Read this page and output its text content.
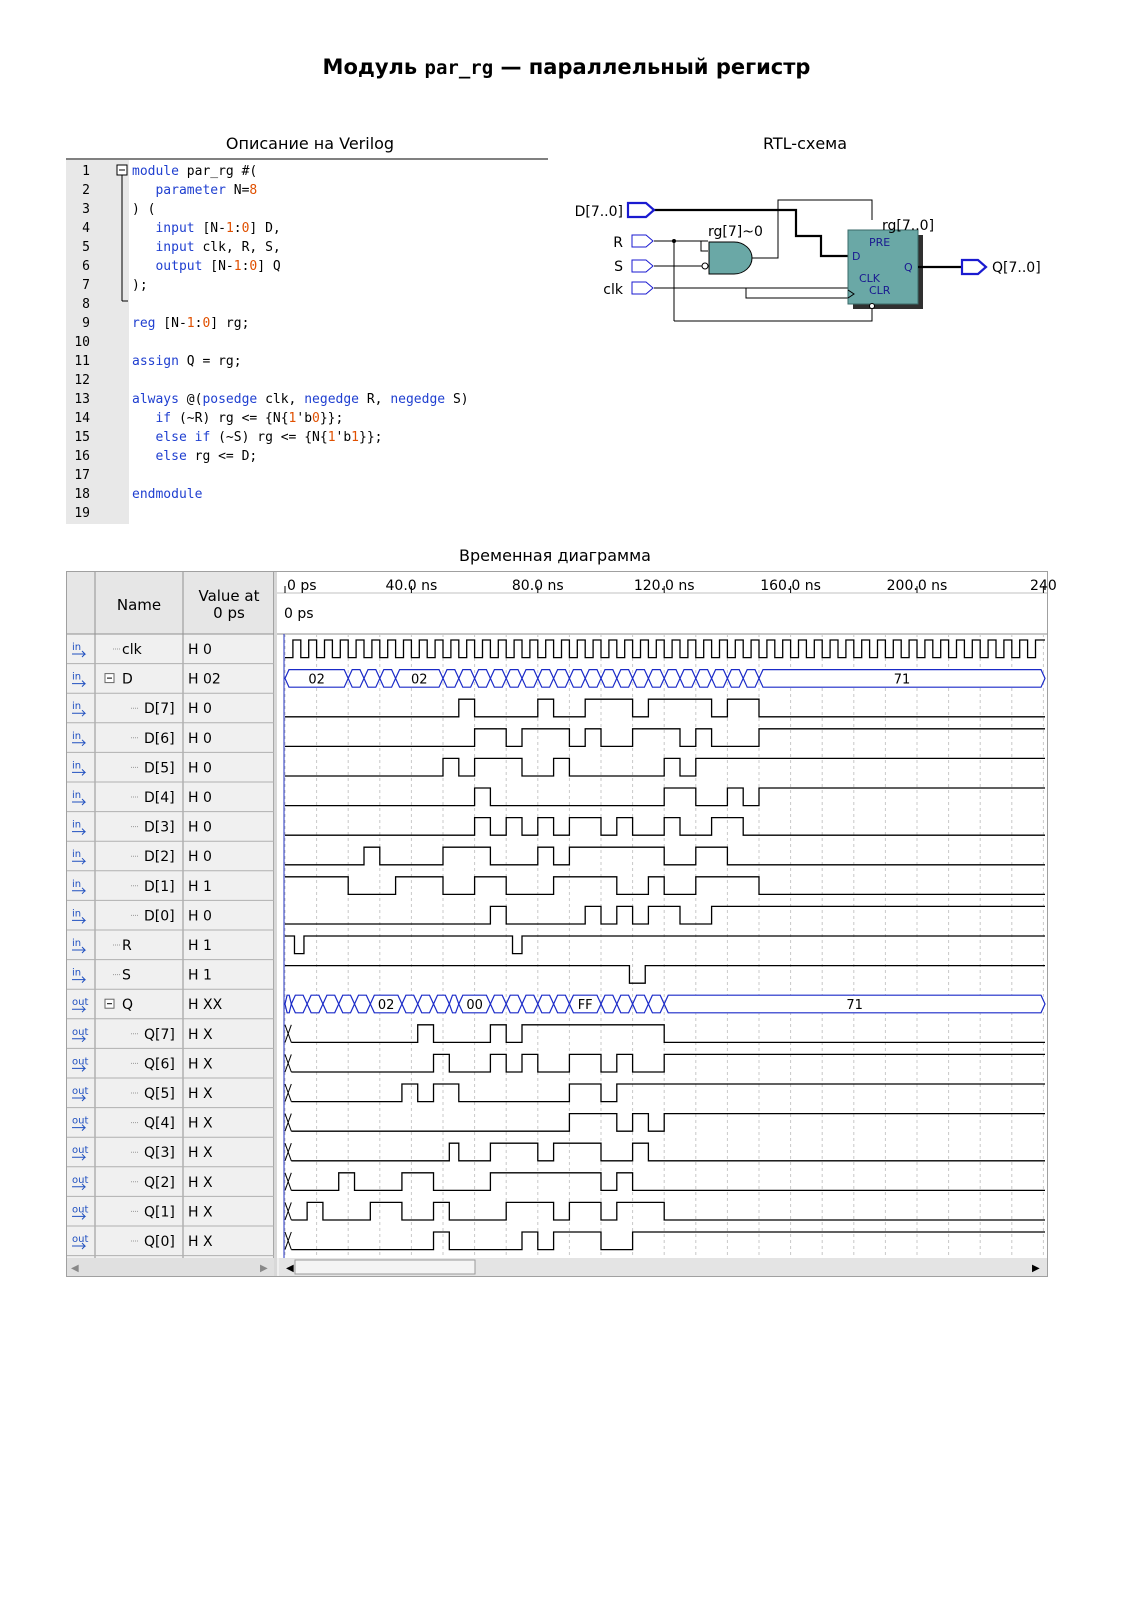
Модуль par_rg — параллельный регистр
Описание на Verilog	RTL-схема
Временная диаграмма
1	module par_rg #(
2	parameter N=8
3	) (
4	input [N-1:0] D,
5	input clk, R, S,
6	output [N-1:0] Q
7	);
8
9	reg [N-1:0] rg;
10
11	assign Q = rg;
12
13	always @(posedge clk, negedge R, negedge S)
14	if (~R) rg <= {N{1'b0}};
15	else if (~S) rg <= {N{1'b1}};
16	else rg <= D;
17
18	endmodule
19
D[7..0]
R
S
clk
rg[7]~0	rg[7..0]
PRE
D
Q
CLK
CLR
Q[7..0]
◀	▶
◀	▶
Name Value at
0 ps	0 ps
0 ps	40.0 ns	80.0 ns	120.0 ns	160.0 ns	200.0 ns	240
in	clk	H 0
in	D	H 02	02	02	71
in	D[7] H 0
in	D[6] H 0
in	D[5] H 0
in	D[4] H 0
in	D[3] H 0
in	D[2] H 0
in	D[1] H 1
in	D[0] H 0
in	R	H 1
in	S	H 1
out Q	H XX	02	00	FF	71
out	Q[7] H X
out	Q[6] H X
out	Q[5] H X
out	Q[4] H X
out	Q[3] H X
out	Q[2] H X
out	Q[1] H X
out	Q[0] H X
